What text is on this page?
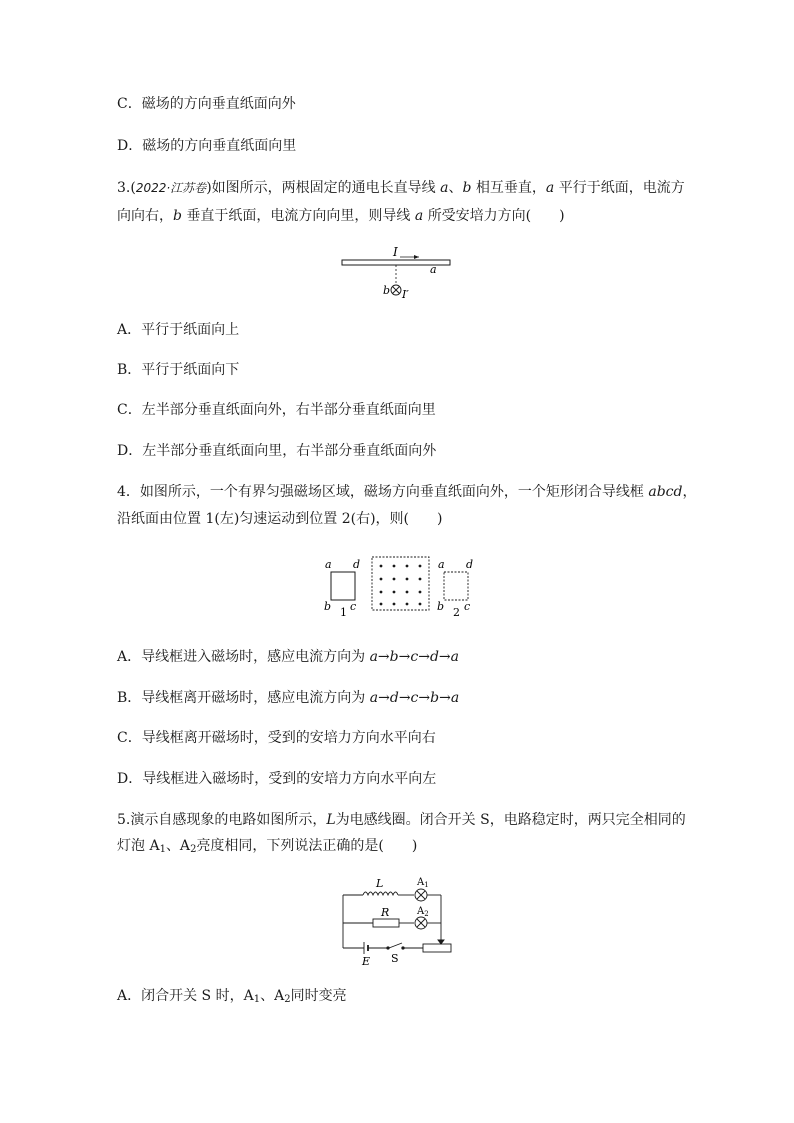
C．磁场的方向垂直纸面向外
D．磁场的方向垂直纸面向里
3.(2022·江苏卷)如图所示，两根固定的通电长直导线 a、b 相互垂直，a 平行于纸面，电流方
向向右，b 垂直于纸面，电流方向向里，则导线 a 所受安培力方向(　　)
I
a
b I′
A．平行于纸面向上
B．平行于纸面向下
C．左半部分垂直纸面向外，右半部分垂直纸面向里
D．左半部分垂直纸面向里，右半部分垂直纸面向外
4．如图所示，一个有界匀强磁场区域，磁场方向垂直纸面向外，一个矩形闭合导线框 abcd，
沿纸面由位置 1(左)匀速运动到位置 2(右)，则(　　)
a d
b c
1
a d
b c
2
A．导线框进入磁场时，感应电流方向为 a→b→c→d→a
B．导线框离开磁场时，感应电流方向为 a→d→c→b→a
C．导线框离开磁场时，受到的安培力方向水平向右
D．导线框进入磁场时，受到的安培力方向水平向左
5.演示自感现象的电路如图所示，L为电感线圈。闭合开关 S，电路稳定时，两只完全相同的
灯泡 $A_1$、$A_2$亮度相同，下列说法正确的是(　　)
L	$A_1$
R	$A_2$
E S
A．闭合开关 S 时，$A_1$、$A_2$同时变亮
